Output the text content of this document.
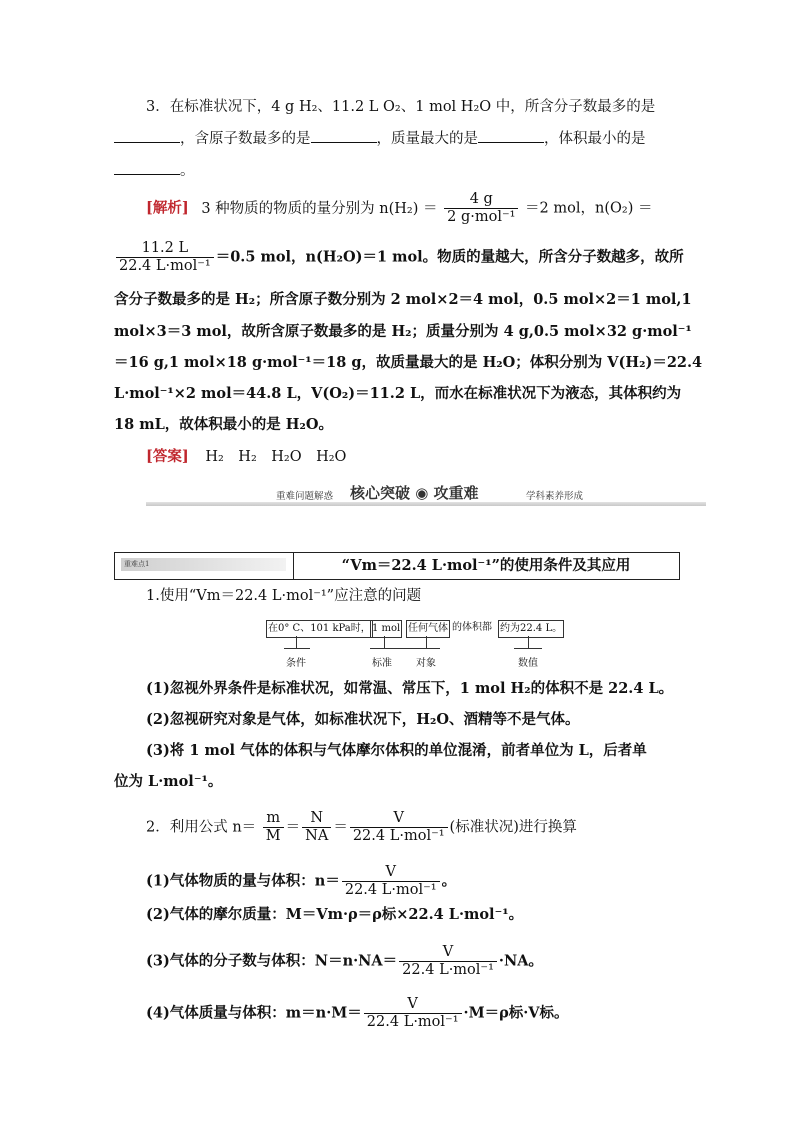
3．在标准状况下，4 g H₂、11.2 L O₂、1 mol H₂O 中，所含分子数最多的是
，含原子数最多的是	，质量最大的是	，体积最小的是
。
[解析] 3 种物质的物质的量分别为 $n(H_2) = \frac{4 g}{\text{2 g·mol⁻¹}} =2$ mol，n(O₂) ＝
$\frac{11.2 L}{\text{22.4 L·mol⁻¹}} =0.5$ mol，n(H₂O)＝1 mol。物质的量越大，所含分子数越多，故所
含分子数最多的是 H₂；所含原子数分别为 2 mol×2＝4 mol，0.5 mol×2＝1 mol,1
mol×3＝3 mol，故所含原子数最多的是 H₂；质量分别为 4 g,0.5 mol×32 g·mol⁻¹
＝16 g,1 mol×18 g·mol⁻¹＝18 g，故质量最大的是 H₂O；体积分别为 V(H₂)＝22.4
L·mol⁻¹×2 mol＝44.8 L，V(O₂)＝11.2 L，而水在标准状况下为液态，其体积约为
18 mL，故体积最小的是 H₂O。
[答案] H₂　H₂　H₂O　H₂O
重难问题解惑 核心突破 ◉ 攻重难	学科素养形成
重难点1	“Vm＝22.4 L·mol⁻¹”的使用条件及其应用
1.使用“Vm＝22.4 L·mol⁻¹”应注意的问题
在0° C、101 kPa时， 1 mol 任何气体 的体积都 约为22.4 L。
条件	标准 对象	数值
(1)忽视外界条件是标准状况，如常温、常压下，1 mol H₂的体积不是 22.4 L。
(2)忽视研究对象是气体，如标准状况下，H₂O、酒精等不是气体。
(3)将 1 mol 气体的体积与气体摩尔体积的单位混淆，前者单位为 L，后者单
位为 L·mol⁻¹。
2．利用公式 $n= \frac{m}{M} = \frac{N}{NA} = \frac{V}{\text{22.4 L·mol⁻¹}}$ (标准状况)进行换算
(1)气体物质的量与体积：$n= \frac{V}{\text{22.4 L·mol⁻¹}}$ 。
(2)气体的摩尔质量：M＝Vm·ρ＝ρ标×22.4 L·mol⁻¹。
(3)气体的分子数与体积：$N=n\cdot NA= \frac{V}{\text{22.4 L·mol⁻¹}} \cdot NA$。
(4)气体质量与体积：$m=n\cdot M= \frac{V}{\text{22.4 L·mol⁻¹}} \cdot M=\rho$标·V标。
